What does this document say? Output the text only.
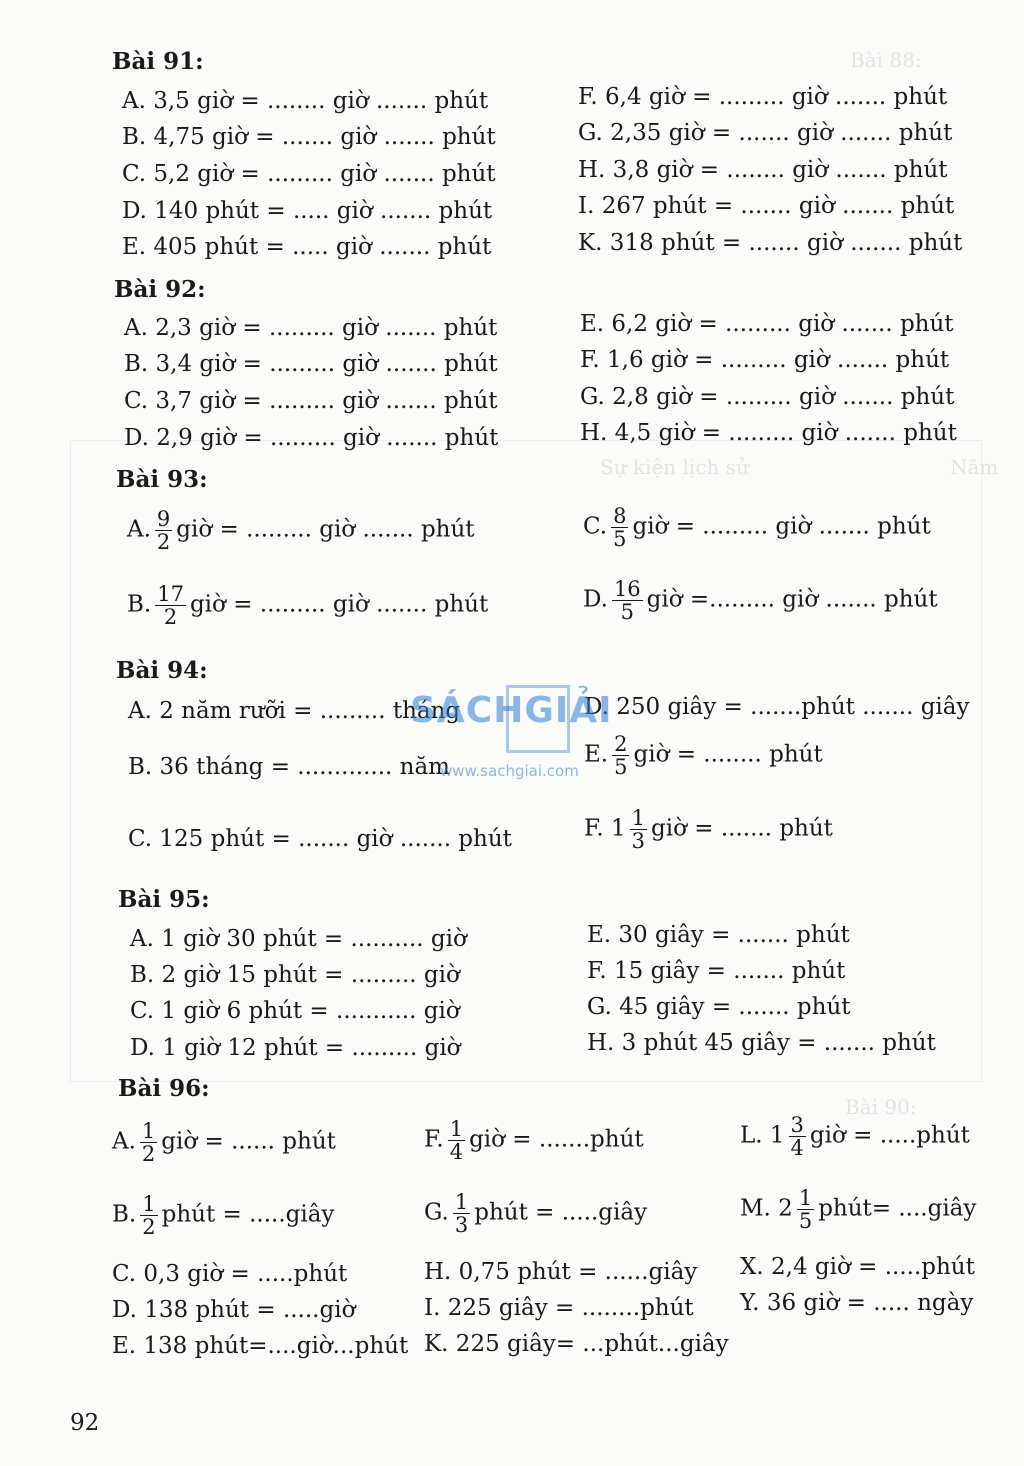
Bài 88:
Sự kiện lịch sử	Năm
Bài 90:
Bài 91:
A. 3,5 giờ = ........ giờ ....... phút
B. 4,75 giờ = ....... giờ ....... phút
C. 5,2 giờ = ......... giờ ....... phút
D. 140 phút = ..... giờ ....... phút
E. 405 phút = ..... giờ ....... phút
F. 6,4 giờ = ......... giờ ....... phút
G. 2,35 giờ = ....... giờ ....... phút
H. 3,8 giờ = ........ giờ ....... phút
I. 267 phút = ....... giờ ....... phút
K. 318 phút = ....... giờ ....... phút
Bài 92:
A. 2,3 giờ = ......... giờ ....... phút
B. 3,4 giờ = ......... giờ ....... phút
C. 3,7 giờ = ......... giờ ....... phút
D. 2,9 giờ = ......... giờ ....... phút
E. 6,2 giờ = ......... giờ ....... phút
F. 1,6 giờ = ......... giờ ....... phút
G. 2,8 giờ = ......... giờ ....... phút
H. 4,5 giờ = ......... giờ ....... phút
Bài 93:
A. $\frac{9}{2}$ giờ = ......... giờ ....... phút
B. $\frac{17}{2}$ giờ = ......... giờ ....... phút
C. $\frac{8}{5}$ giờ = ......... giờ ....... phút
D. $\frac{16}{5}$ giờ =......... giờ ....... phút
Bài 94:
A. 2 năm rưỡi = ......... tháng
B. 36 tháng = ............. năm
C. 125 phút = ....... giờ ....... phút
D. 250 giây = .......phút ....... giây
E. $\frac{2}{5}$ giờ = ........ phút
F. $1 \frac{1}{3}$ giờ = ....... phút
SÁCHGIẢI
www.sachgiai.com
Bài 95:
A. 1 giờ 30 phút = .......... giờ
B. 2 giờ 15 phút = ......... giờ
C. 1 giờ 6 phút = ........... giờ
D. 1 giờ 12 phút = ......... giờ
E. 30 giây = ....... phút
F. 15 giây = ....... phút
G. 45 giây = ....... phút
H. 3 phút 45 giây = ....... phút
Bài 96:
A. $\frac{1}{2}$ giờ = ...... phút
B. $\frac{1}{2}$ phút = .....giây
C. 0,3 giờ = .....phút
D. 138 phút = .....giờ
E. 138 phút=....giờ...phút
F. $\frac{1}{4}$ giờ = .......phút
G. $\frac{1}{3}$ phút = .....giây
H. 0,75 phút = ......giây
I. 225 giây = ........phút
K. 225 giây= ...phút...giây
L. $1 \frac{3}{4}$ giờ = .....phút
M. $2 \frac{1}{5}$ phút= ....giây
X. 2,4 giờ = .....phút
Y. 36 giờ = ..... ngày
92
